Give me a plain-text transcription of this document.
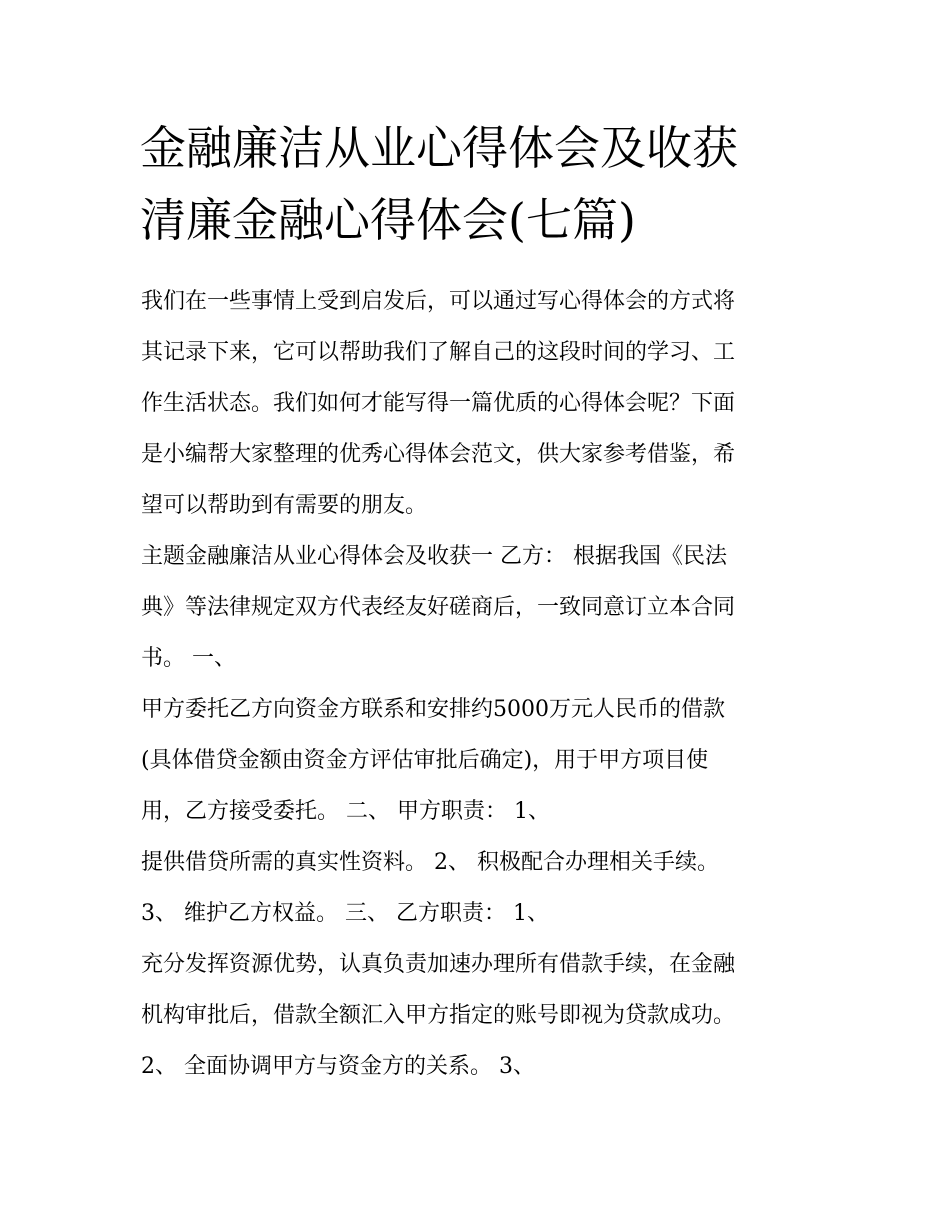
金融廉洁从业心得体会及收获
清廉金融心得体会(七篇)
我们在一些事情上受到启发后，可以通过写心得体会的方式将
其记录下来，它可以帮助我们了解自己的这段时间的学习、工
作生活状态。我们如何才能写得一篇优质的心得体会呢？下面
是小编帮大家整理的优秀心得体会范文，供大家参考借鉴，希
望可以帮助到有需要的朋友。
主题金融廉洁从业心得体会及收获一 乙方： 根据我国《民法
典》等法律规定双方代表经友好磋商后，一致同意订立本合同
书。 一、
甲方委托乙方向资金方联系和安排约5000万元人民币的借款
(具体借贷金额由资金方评估审批后确定)，用于甲方项目使
用，乙方接受委托。 二、 甲方职责： 1、
提供借贷所需的真实性资料。 2、 积极配合办理相关手续。
3、 维护乙方权益。 三、 乙方职责： 1、
充分发挥资源优势，认真负责加速办理所有借款手续，在金融
机构审批后，借款全额汇入甲方指定的账号即视为贷款成功。
2、 全面协调甲方与资金方的关系。 3、
